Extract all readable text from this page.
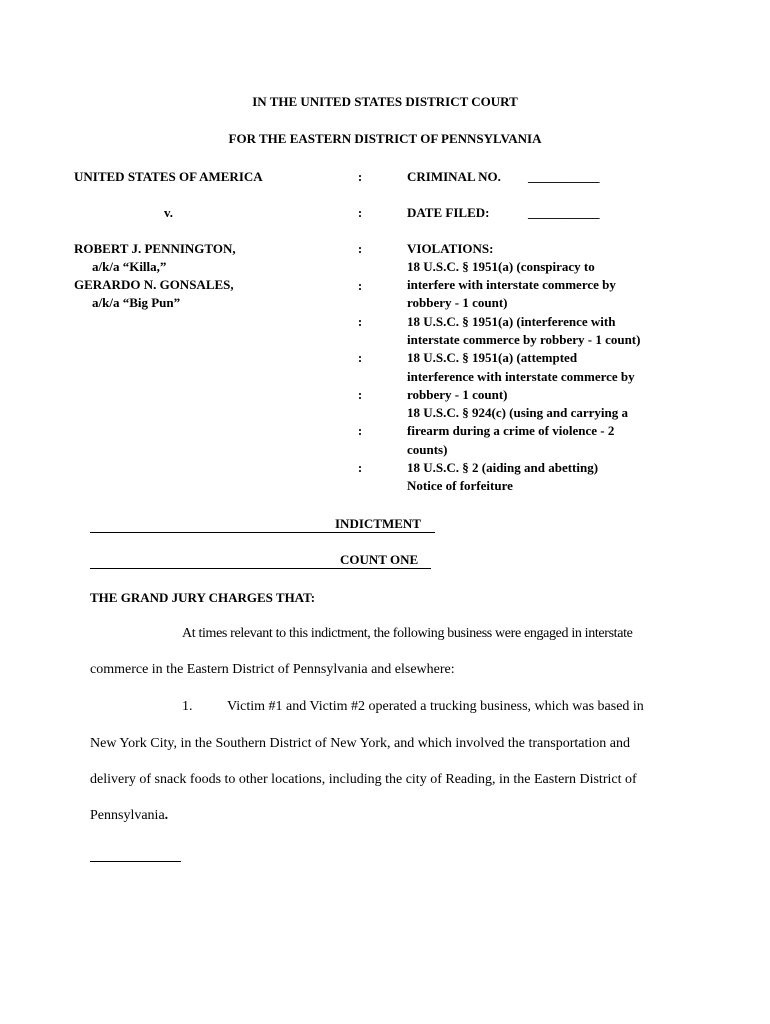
IN THE UNITED STATES DISTRICT COURT
FOR THE EASTERN DISTRICT OF PENNSYLVANIA
UNITED STATES OF AMERICA
v.
ROBERT J. PENNINGTON,
a/k/a “Killa,”
GERARDO N. GONSALES,
a/k/a “Big Pun”
:
:
:
:
:
:
:
:
:
CRIMINAL NO. ___________
DATE FILED:	___________
VIOLATIONS:
18 U.S.C. § 1951(a) (conspiracy to
interfere with interstate commerce by
robbery - 1 count)
18 U.S.C. § 1951(a) (interference with
interstate commerce by robbery - 1 count)
18 U.S.C. § 1951(a) (attempted
interference with interstate commerce by
robbery - 1 count)
18 U.S.C. § 924(c) (using and carrying a
firearm during a crime of violence - 2
counts)
18 U.S.C. § 2 (aiding and abetting)
Notice of forfeiture
INDICTMENT
COUNT ONE
THE GRAND JURY CHARGES THAT:
At times relevant to this indictment, the following business were engaged in interstate
commerce in the Eastern District of Pennsylvania and elsewhere:
1. Victim #1 and Victim #2 operated a trucking business, which was based in
New York City, in the Southern District of New York, and which involved the transportation and
delivery of snack foods to other locations, including the city of Reading, in the Eastern District of
Pennsylvania.
